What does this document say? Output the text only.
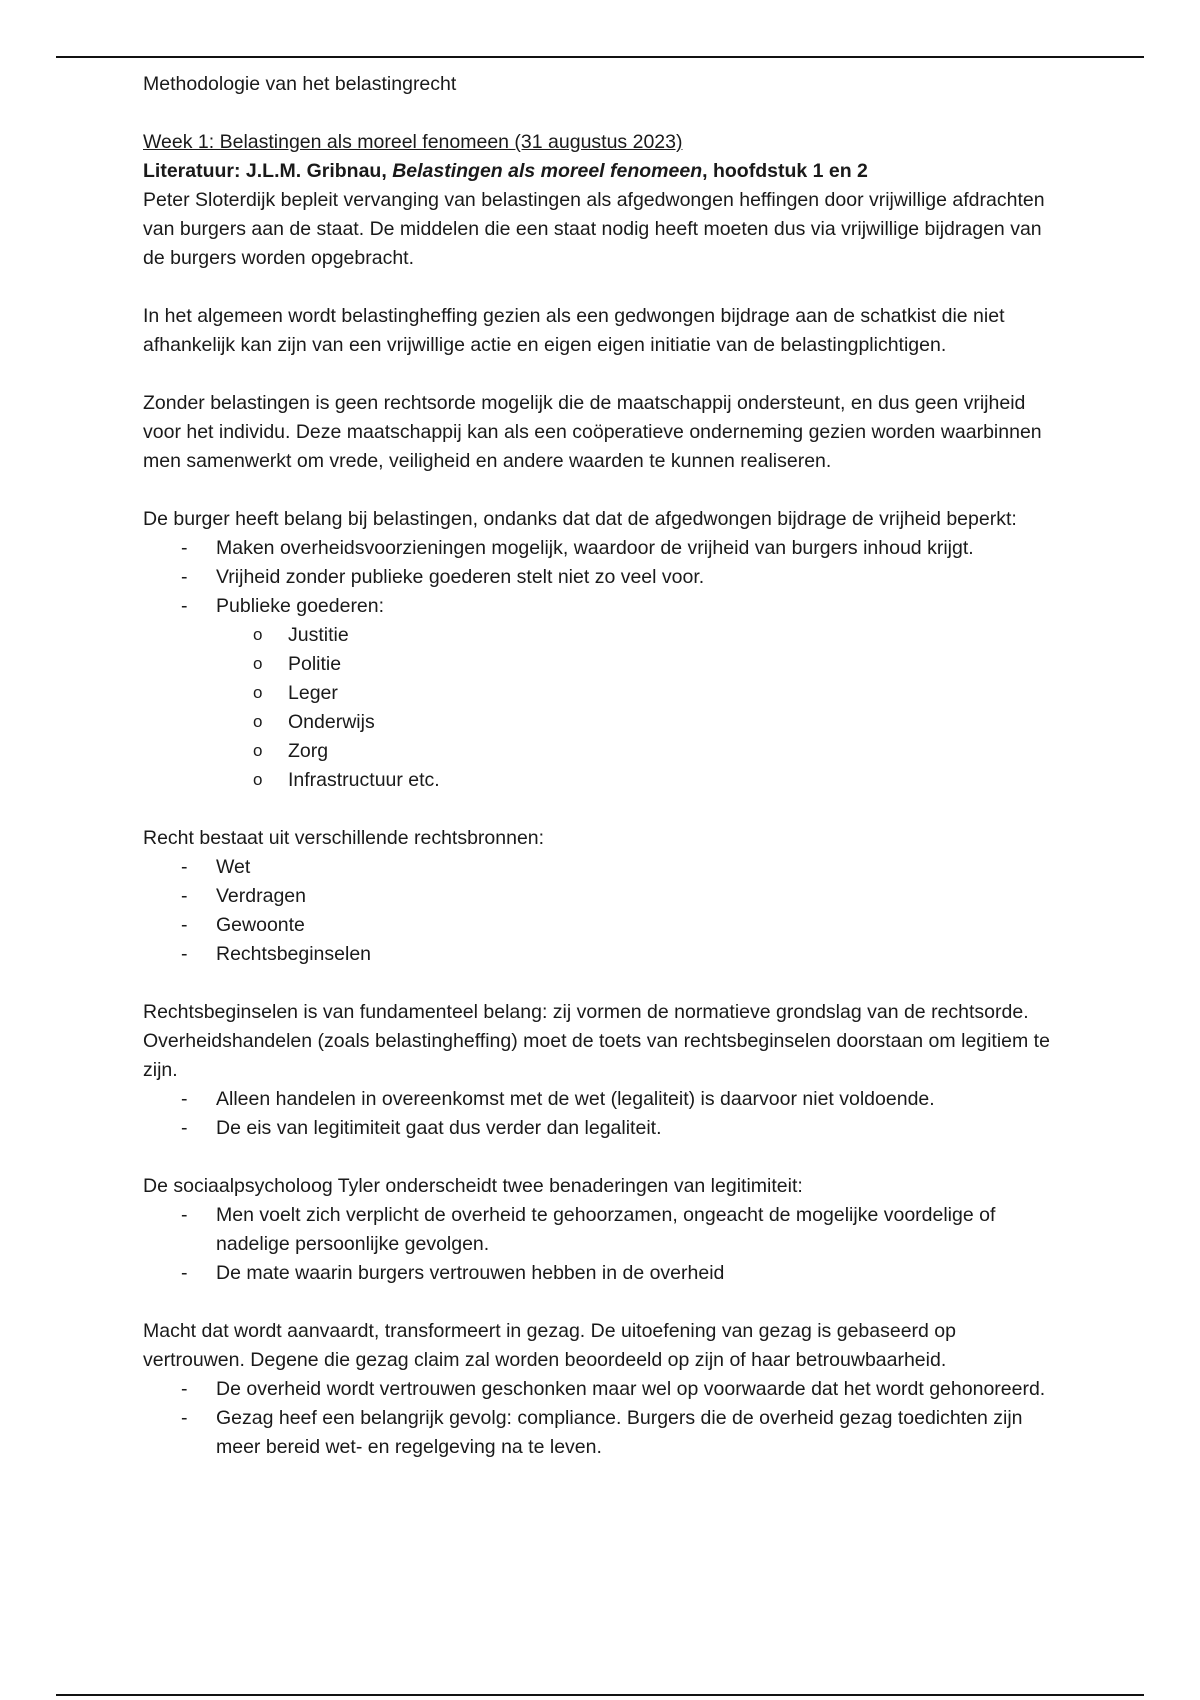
Methodologie van het belastingrecht

Week 1: Belastingen als moreel fenomeen (31 augustus 2023)

Literatuur: J.L.M. Gribnau, Belastingen als moreel fenomeen, hoofdstuk 1 en 2

Peter Sloterdijk bepleit vervanging van belastingen als afgedwongen heffingen door vrijwillige afdrachten van burgers aan de staat. De middelen die een staat nodig heeft moeten dus via vrijwillige bijdragen van de burgers worden opgebracht.

In het algemeen wordt belastingheffing gezien als een gedwongen bijdrage aan de schatkist die niet afhankelijk kan zijn van een vrijwillige actie en eigen eigen initiatie van de belastingplichtigen.

Zonder belastingen is geen rechtsorde mogelijk die de maatschappij ondersteunt, en dus geen vrijheid voor het individu. Deze maatschappij kan als een coöperatieve onderneming gezien worden waarbinnen men samenwerkt om vrede, veiligheid en andere waarden te kunnen realiseren.

De burger heeft belang bij belastingen, ondanks dat dat de afgedwongen bijdrage de vrijheid beperkt:

- Maken overheidsvoorzieningen mogelijk, waardoor de vrijheid van burgers inhoud krijgt.
- Vrijheid zonder publieke goederen stelt niet zo veel voor.
- Publieke goederen:
o Justitie
o Politie
o Leger
o Onderwijs
o Zorg
o Infrastructuur etc.

Recht bestaat uit verschillende rechtsbronnen:

- Wet
- Verdragen
- Gewoonte
- Rechtsbeginselen

Rechtsbeginselen is van fundamenteel belang: zij vormen de normatieve grondslag van de rechtsorde. Overheidshandelen (zoals belastingheffing) moet de toets van rechtsbeginselen doorstaan om legitiem te zijn.

- Alleen handelen in overeenkomst met de wet (legaliteit) is daarvoor niet voldoende.
- De eis van legitimiteit gaat dus verder dan legaliteit.

De sociaalpsycholoog Tyler onderscheidt twee benaderingen van legitimiteit:

- Men voelt zich verplicht de overheid te gehoorzamen, ongeacht de mogelijke voordelige of nadelige persoonlijke gevolgen.
- De mate waarin burgers vertrouwen hebben in de overheid

Macht dat wordt aanvaardt, transformeert in gezag. De uitoefening van gezag is gebaseerd op vertrouwen. Degene die gezag claim zal worden beoordeeld op zijn of haar betrouwbaarheid.

- De overheid wordt vertrouwen geschonken maar wel op voorwaarde dat het wordt gehonoreerd.
- Gezag heef een belangrijk gevolg: compliance. Burgers die de overheid gezag toedichten zijn meer bereid wet- en regelgeving na te leven.
